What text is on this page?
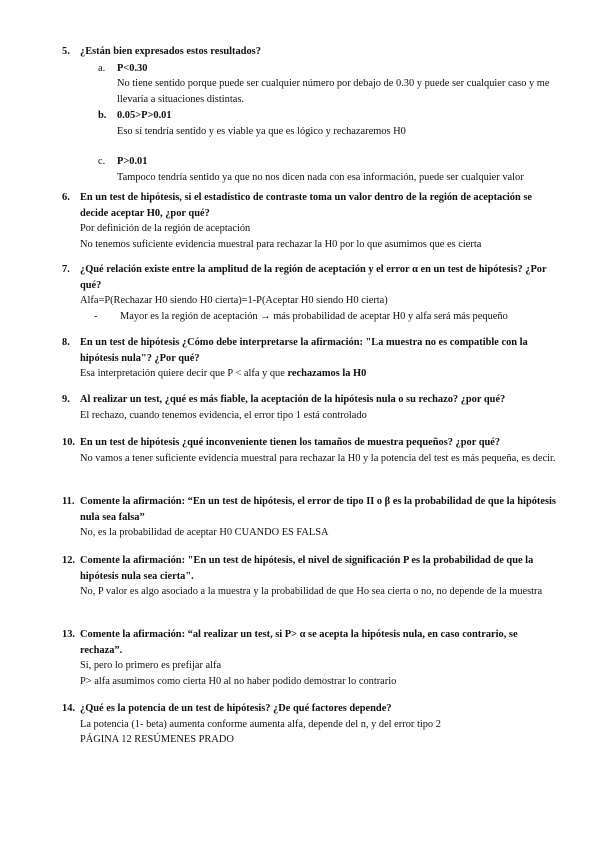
5. ¿Están bien expresados estos resultados?
a. P<0.30
No tiene sentido porque puede ser cualquier número por debajo de 0.30 y puede ser cualquier caso y me llevaría a situaciones distintas.
b. 0.05>P>0.01
Eso sí tendría sentido y es viable ya que es lógico y rechazaremos H0
c. P>0.01
Tampoco tendría sentido ya que no nos dicen nada con esa información, puede ser cualquier valor
6. En un test de hipótesis, si el estadístico de contraste toma un valor dentro de la región de aceptación se decide aceptar H0, ¿por qué?
Por definición de la región de aceptación
No tenemos suficiente evidencia muestral para rechazar la H0 por lo que asumimos que es cierta
7. ¿Qué relación existe entre la amplitud de la región de aceptación y el error α en un test de hipótesis? ¿Por qué?
Alfa=P(Rechazar H0 siendo H0 cierta)=1-P(Aceptar H0 siendo H0 cierta)
- Mayor es la región de aceptación → más probabilidad de aceptar H0 y alfa será más pequeño
8. En un test de hipótesis ¿Cómo debe interpretarse la afirmación: "La muestra no es compatible con la hipótesis nula"? ¿Por qué?
Esa interpretación quiere decir que P < alfa y que rechazamos la H0
9. Al realizar un test, ¿qué es más fiable, la aceptación de la hipótesis nula o su rechazo? ¿por qué?
El rechazo, cuando tenemos evidencia, el error tipo 1 está controlado
10. En un test de hipótesis ¿qué inconveniente tienen los tamaños de muestra pequeños? ¿por qué?
No vamos a tener suficiente evidencia muestral para rechazar la H0 y la potencia del test es más pequeña, es decir.
11. Comente la afirmación: “En un test de hipótesis, el error de tipo II o β es la probabilidad de que la hipótesis nula sea falsa”
No, es la probabilidad de aceptar H0 CUANDO ES FALSA
12. Comente la afirmación: "En un test de hipótesis, el nivel de significación P es la probabilidad de que la hipótesis nula sea cierta".
No, P valor es algo asociado a la muestra y la probabilidad de que Ho sea cierta o no, no depende de la muestra
13. Comente la afirmación: “al realizar un test, si P> α se acepta la hipótesis nula, en caso contrario, se rechaza”.
Si, pero lo primero es prefijar alfa
P> alfa asumimos como cierta H0 al no haber podido demostrar lo contrario
14. ¿Qué es la potencia de un test de hipótesis? ¿De qué factores depende?
La potencia (1- beta) aumenta conforme aumenta alfa, depende del n, y del error tipo 2
PÁGINA 12 RESÚMENES PRADO
